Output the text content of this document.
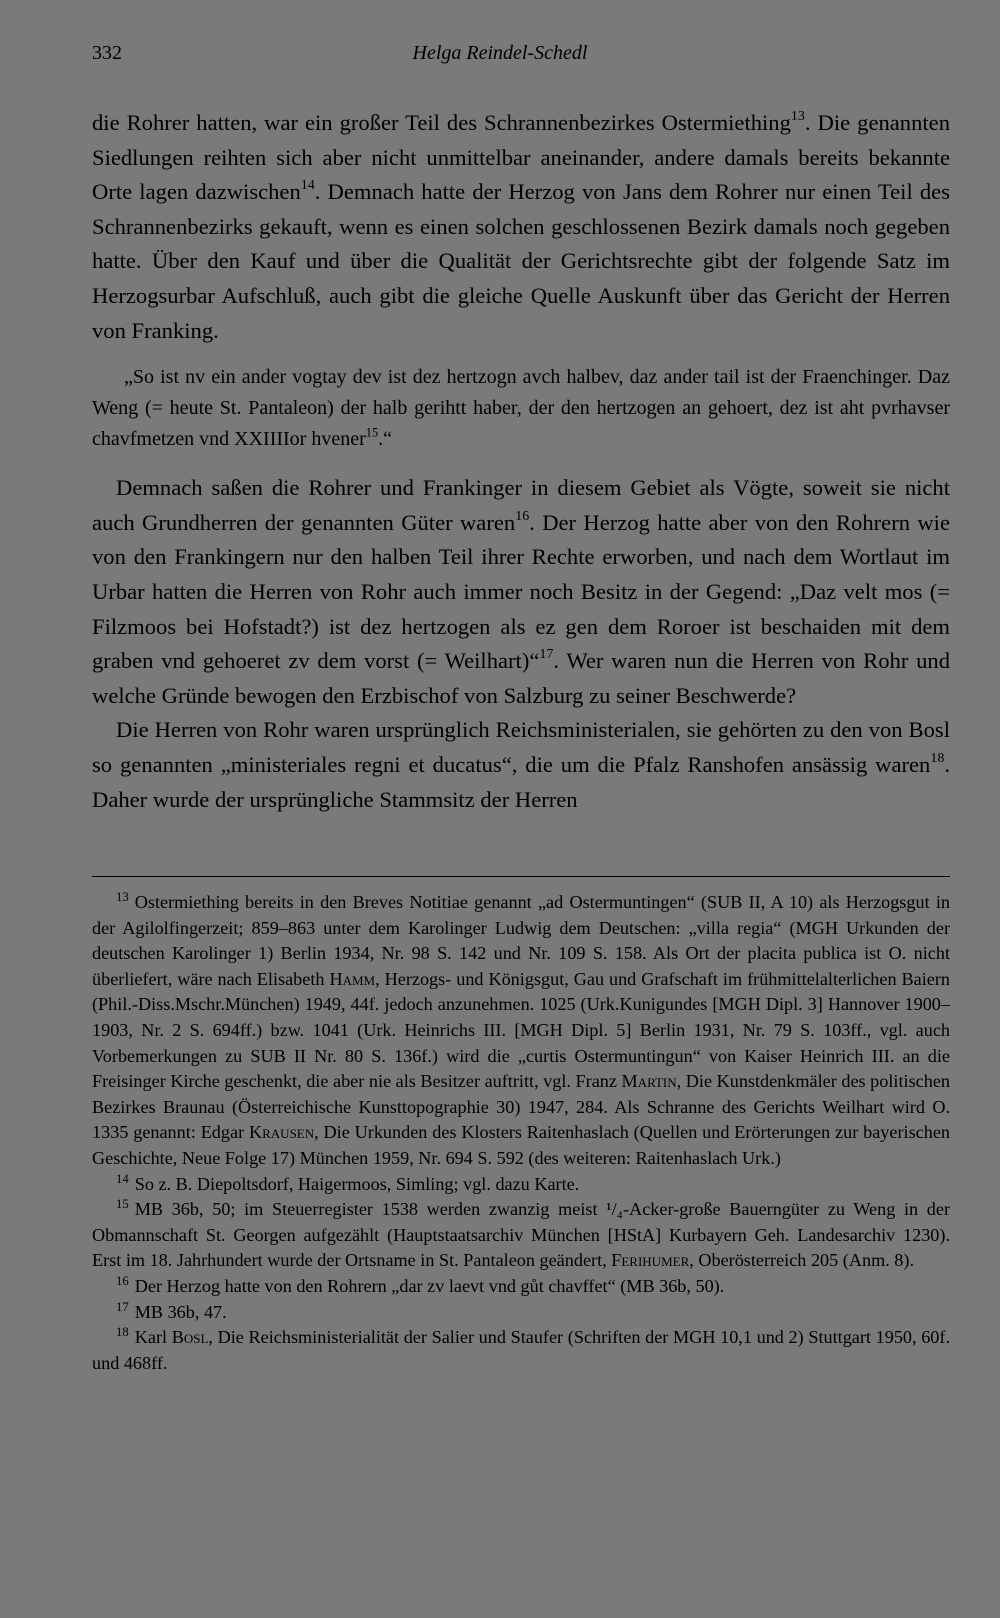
332	Helga Reindel-Schedl

die Rohrer hatten, war ein großer Teil des Schrannenbezirkes Ostermiething$^{13}$. Die genannten Siedlungen reihten sich aber nicht unmittelbar aneinander, andere damals bereits bekannte Orte lagen dazwischen$^{14}$. Demnach hatte der Herzog von Jans dem Rohrer nur einen Teil des Schrannenbezirks gekauft, wenn es einen solchen geschlossenen Bezirk damals noch gegeben hatte. Über den Kauf und über die Qualität der Gerichtsrechte gibt der folgende Satz im Herzogsurbar Aufschluß, auch gibt die gleiche Quelle Auskunft über das Gericht der Herren von Franking.

„So ist nv ein ander vogtay dev ist dez hertzogn avch halbev, daz ander tail ist der Fraenchinger. Daz Weng (= heute St. Pantaleon) der halb gerihtt haber, der den hertzogen an gehoert, dez ist aht pvrhavser chavfmetzen vnd XXIIIIor hvener$^{15}$.“

Demnach saßen die Rohrer und Frankinger in diesem Gebiet als Vögte, soweit sie nicht auch Grundherren der genannten Güter waren$^{16}$. Der Herzog hatte aber von den Rohrern wie von den Frankingern nur den halben Teil ihrer Rechte erworben, und nach dem Wortlaut im Urbar hatten die Herren von Rohr auch immer noch Besitz in der Gegend: „Daz velt mos (= Filzmoos bei Hofstadt?) ist dez hertzogen als ez gen dem Roroer ist beschaiden mit dem graben vnd gehoeret zv dem vorst (= Weilhart)“$^{17}$. Wer waren nun die Herren von Rohr und welche Gründe bewogen den Erzbischof von Salzburg zu seiner Beschwerde?

Die Herren von Rohr waren ursprünglich Reichsministerialen, sie gehörten zu den von Bosl so genannten „ministeriales regni et ducatus“, die um die Pfalz Ranshofen ansässig waren$^{18}$. Daher wurde der ursprüngliche Stammsitz der Herren

$^{13}$ Ostermiething bereits in den Breves Notitiae genannt „ad Ostermuntingen“ (SUB II, A 10) als Herzogsgut in der Agilolfingerzeit; 859–863 unter dem Karolinger Ludwig dem Deutschen: „villa regia“ (MGH Urkunden der deutschen Karolinger 1) Berlin 1934, Nr. 98 S. 142 und Nr. 109 S. 158. Als Ort der placita publica ist O. nicht überliefert, wäre nach Elisabeth Hamm, Herzogs- und Königsgut, Gau und Grafschaft im frühmittelalterlichen Baiern (Phil.-Diss.Mschr.München) 1949, 44f. jedoch anzunehmen. 1025 (Urk.Kunigundes [MGH Dipl. 3] Hannover 1900–1903, Nr. 2 S. 694ff.) bzw. 1041 (Urk. Heinrichs III. [MGH Dipl. 5] Berlin 1931, Nr. 79 S. 103ff., vgl. auch Vorbemerkungen zu SUB II Nr. 80 S. 136f.) wird die „curtis Ostermuntingun“ von Kaiser Heinrich III. an die Freisinger Kirche geschenkt, die aber nie als Besitzer auftritt, vgl. Franz Martin, Die Kunstdenkmäler des politischen Bezirkes Braunau (Österreichische Kunsttopographie 30) 1947, 284. Als Schranne des Gerichts Weilhart wird O. 1335 genannt: Edgar Krausen, Die Urkunden des Klosters Raitenhaslach (Quellen und Erörterungen zur bayerischen Geschichte, Neue Folge 17) München 1959, Nr. 694 S. 592 (des weiteren: Raitenhaslach Urk.)

$^{14}$ So z. B. Diepoltsdorf, Haigermoos, Simling; vgl. dazu Karte.

$^{15}$ MB 36b, 50; im Steuerregister 1538 werden zwanzig meist ¹/₄-Acker-große Bauerngüter zu Weng in der Obmannschaft St. Georgen aufgezählt (Hauptstaatsarchiv München [HStA] Kurbayern Geh. Landesarchiv 1230). Erst im 18. Jahrhundert wurde der Ortsname in St. Pantaleon geändert, Ferihumer, Oberösterreich 205 (Anm. 8).

$^{16}$ Der Herzog hatte von den Rohrern „dar zv laevt vnd gůt chavffet“ (MB 36b, 50).

$^{17}$ MB 36b, 47.

$^{18}$ Karl Bosl, Die Reichsministerialität der Salier und Staufer (Schriften der MGH 10,1 und 2) Stuttgart 1950, 60f. und 468ff.
